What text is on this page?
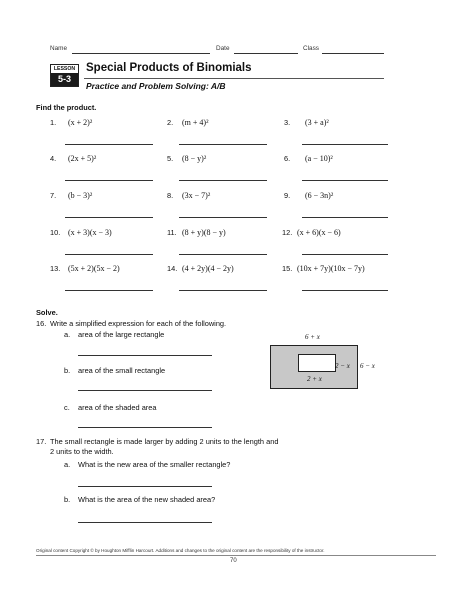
Name	Date	Class
LESSON
5-3
Special Products of Binomials
Practice and Problem Solving: A/B
Find the product.
1. (x + 2)²	2. (m + 4)²	3. (3 + a)²
4. (2x + 5)²	5. (8 − y)²	6. (a − 10)²
7. (b − 3)²	8. (3x − 7)²	9. (6 − 3n)²
10. (x + 3)(x − 3)	11. (8 + y)(8 − y)	12. (x + 6)(x − 6)
13. (5x + 2)(5x − 2)	14. (4 + 2y)(4 − 2y)	15. (10x + 7y)(10x − 7y)
Solve.
16. Write a simplified expression for each of the following.
a. area of the large rectangle
b. area of the small rectangle
c. area of the shaded area
6 + x
2 + x
2 − x 6 − x
17. The small rectangle is made larger by adding 2 units to the length and
2 units to the width.
a. What is the new area of the smaller rectangle?
b. What is the area of the new shaded area?
Original content Copyright © by Houghton Mifflin Harcourt. Additions and changes to the original content are the responsibility of the instructor.
70
